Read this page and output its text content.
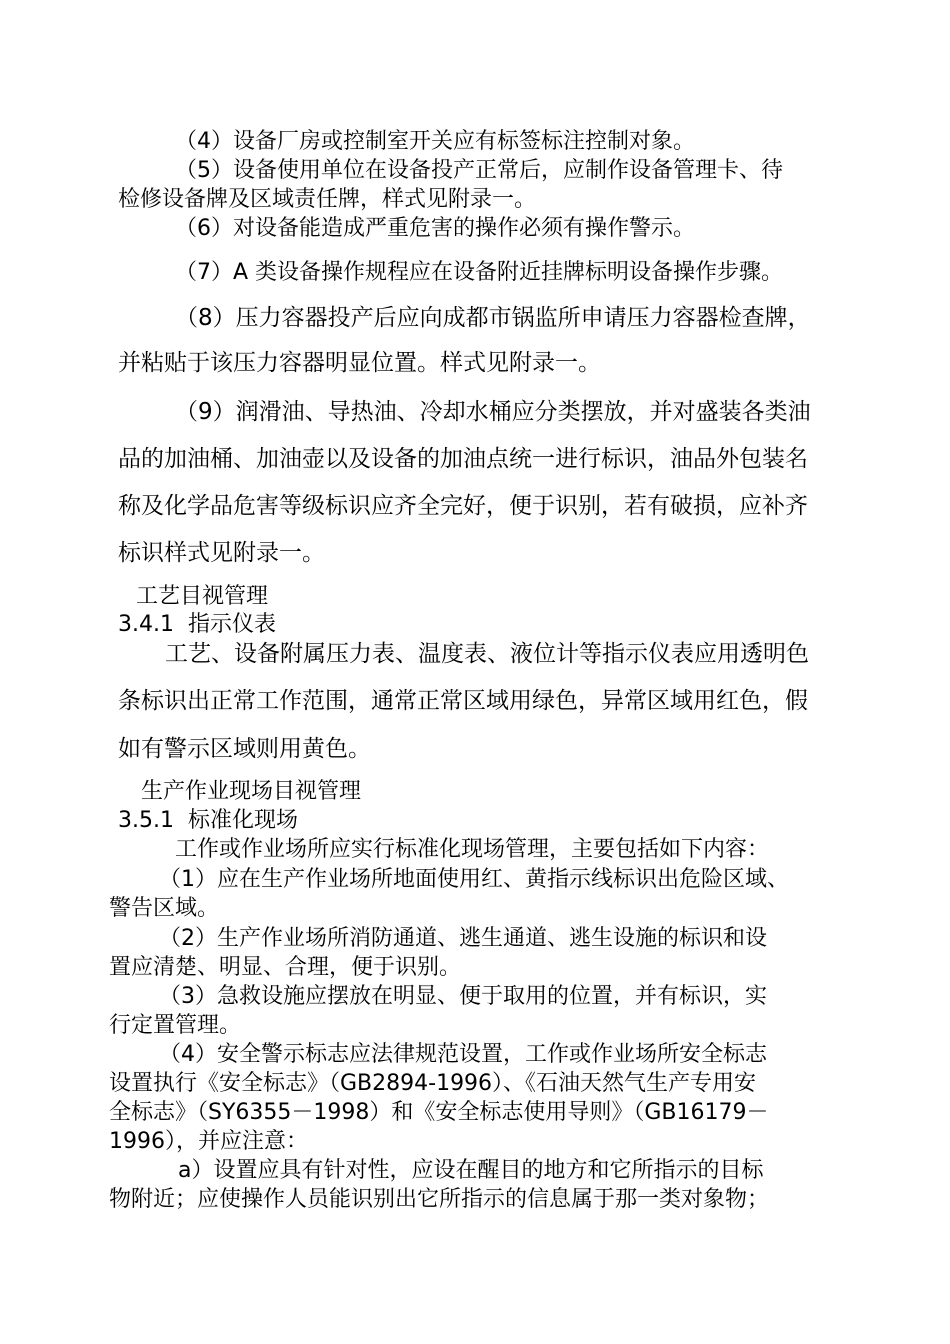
（4）设备厂房或控制室开关应有标签标注控制对象。

（5）设备使用单位在设备投产正常后，应制作设备管理卡、待

检修设备牌及区域责任牌，样式见附录一。

（6）对设备能造成严重危害的操作必须有操作警示。

（7）A 类设备操作规程应在设备附近挂牌标明设备操作步骤。

（8）压力容器投产后应向成都市锅监所申请压力容器检查牌，

并粘贴于该压力容器明显位置。样式见附录一。

（9）润滑油、导热油、冷却水桶应分类摆放，并对盛装各类油

品的加油桶、加油壶以及设备的加油点统一进行标识，油品外包装名

称及化学品危害等级标识应齐全完好，便于识别，若有破损，应补齐

标识样式见附录一。

工艺目视管理

3.4.1  指示仪表

工艺、设备附属压力表、温度表、液位计等指示仪表应用透明色

条标识出正常工作范围，通常正常区域用绿色，异常区域用红色，假

如有警示区域则用黄色。

生产作业现场目视管理

3.5.1  标准化现场

工作或作业场所应实行标准化现场管理，主要包括如下内容：

（1）应在生产作业场所地面使用红、黄指示线标识出危险区域、

警告区域。

（2）生产作业场所消防通道、逃生通道、逃生设施的标识和设

置应清楚、明显、合理，便于识别。

（3）急救设施应摆放在明显、便于取用的位置，并有标识，实

行定置管理。

（4）安全警示标志应法律规范设置，工作或作业场所安全标志

设置执行《安全标志》（GB2894-1996）、《石油天然气生产专用安

全标志》（SY6355－1998）和《安全标志使用导则》（GB16179－

1996），并应注意：

a）设置应具有针对性，应设在醒目的地方和它所指示的目标

物附近；应使操作人员能识别出它所指示的信息属于那一类对象物；
